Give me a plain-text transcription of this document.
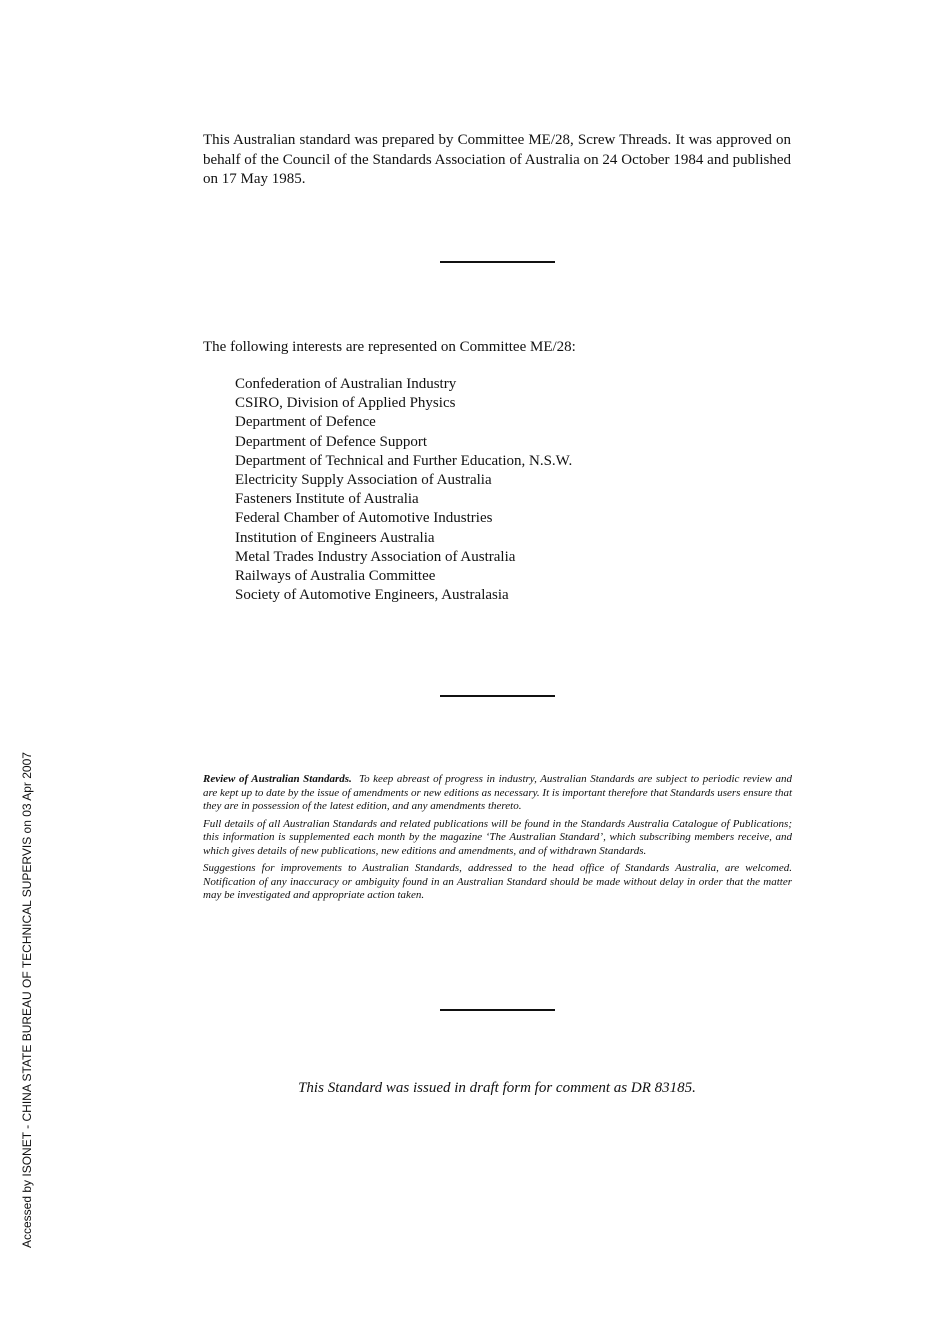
This Australian standard was prepared by Committee ME/28, Screw Threads. It was approved on behalf of the Council of the Standards Association of Australia on 24 October 1984 and published on 17 May 1985.

The following interests are represented on Committee ME/28:

Confederation of Australian Industry
CSIRO, Division of Applied Physics
Department of Defence
Department of Defence Support
Department of Technical and Further Education, N.S.W.
Electricity Supply Association of Australia
Fasteners Institute of Australia
Federal Chamber of Automotive Industries
Institution of Engineers Australia
Metal Trades Industry Association of Australia
Railways of Australia Committee
Society of Automotive Engineers, Australasia

Review of Australian Standards. To keep abreast of progress in industry, Australian Standards are subject to periodic review and are kept up to date by the issue of amendments or new editions as necessary. It is important therefore that Standards users ensure that they are in possession of the latest edition, and any amendments thereto.

Full details of all Australian Standards and related publications will be found in the Standards Australia Catalogue of Publications; this information is supplemented each month by the magazine ‘The Australian Standard’, which subscribing members receive, and which gives details of new publications, new editions and amendments, and of withdrawn Standards.

Suggestions for improvements to Australian Standards, addressed to the head office of Standards Australia, are welcomed. Notification of any inaccuracy or ambiguity found in an Australian Standard should be made without delay in order that the matter may be investigated and appropriate action taken.

This Standard was issued in draft form for comment as DR 83185.

Accessed by ISONET - CHINA STATE BUREAU OF TECHNICAL SUPERVIS on 03 Apr 2007
